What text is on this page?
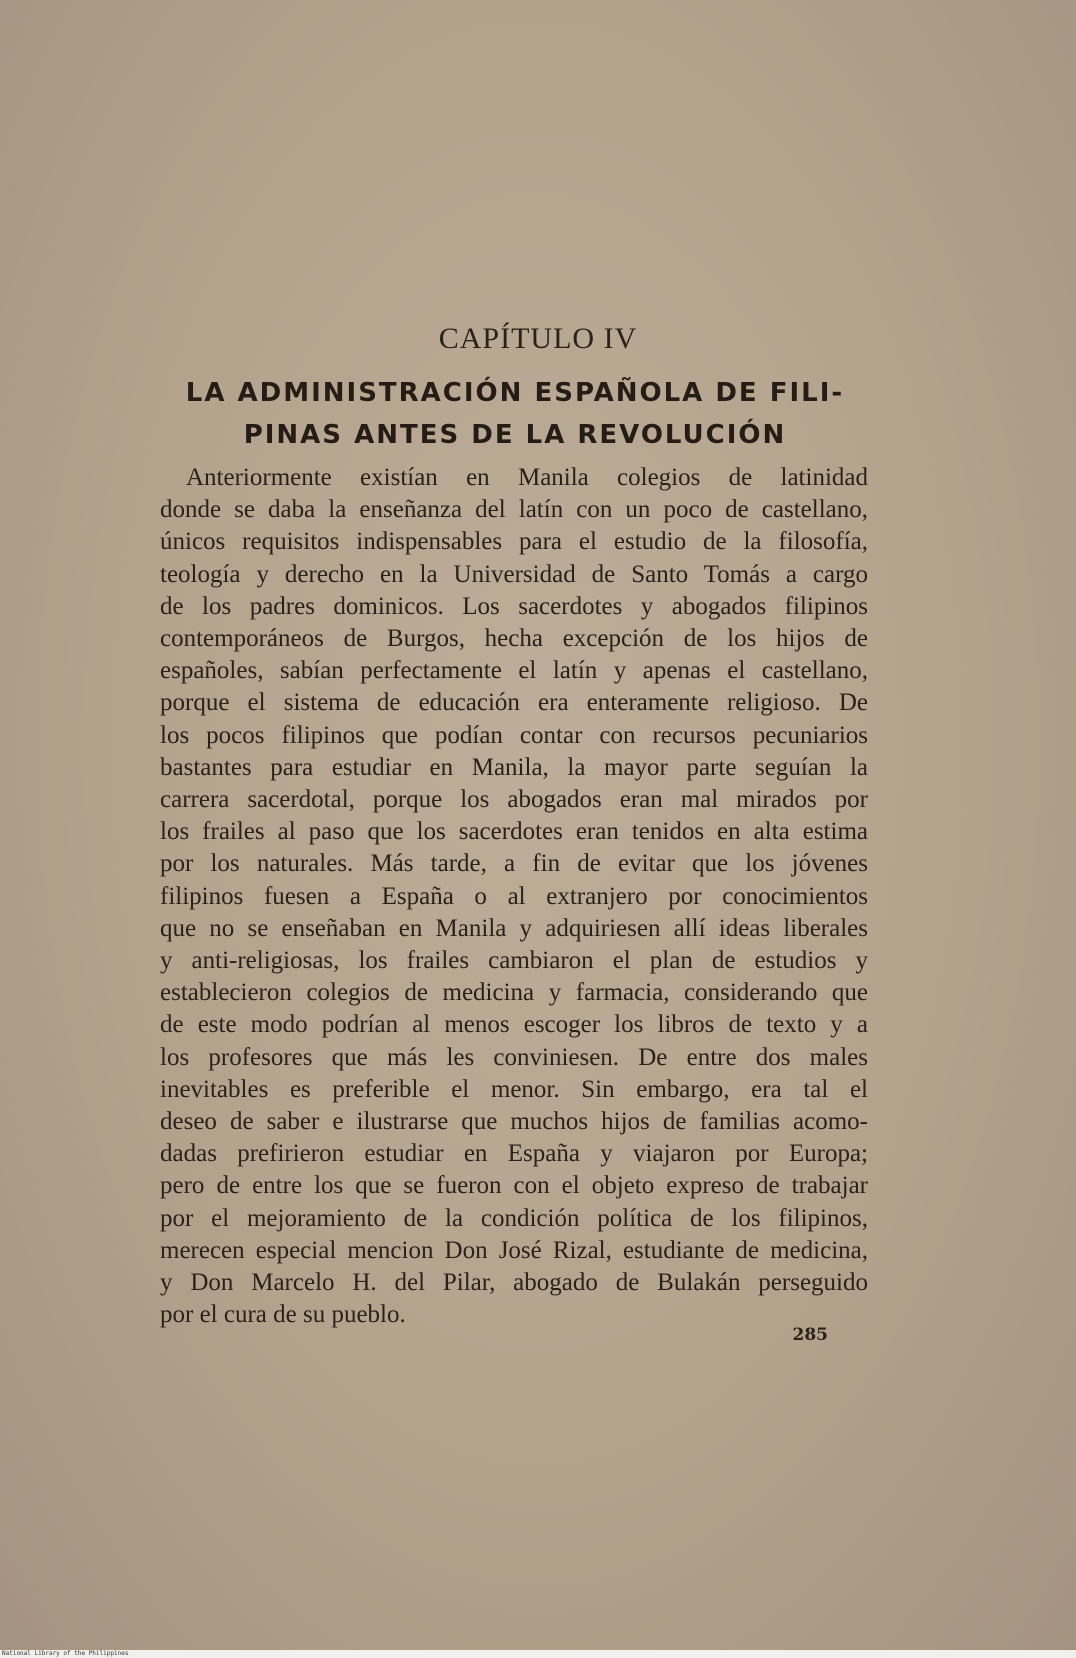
CAPÍTULO IV
LA ADMINISTRACIÓN ESPAÑOLA DE FILI-
PINAS ANTES DE LA REVOLUCIÓN
Anteriormente existían en Manila colegios de latinidad
donde se daba la enseñanza del latín con un poco de castellano,
únicos requisitos indispensables para el estudio de la filosofía,
teología y derecho en la Universidad de Santo Tomás a cargo
de los padres dominicos. Los sacerdotes y abogados filipinos
contemporáneos de Burgos, hecha excepción de los hijos de
españoles, sabían perfectamente el latín y apenas el castellano,
porque el sistema de educación era enteramente religioso. De
los pocos filipinos que podían contar con recursos pecuniarios
bastantes para estudiar en Manila, la mayor parte seguían la
carrera sacerdotal, porque los abogados eran mal mirados por
los frailes al paso que los sacerdotes eran tenidos en alta estima
por los naturales. Más tarde, a fin de evitar que los jóvenes
filipinos fuesen a España o al extranjero por conocimientos
que no se enseñaban en Manila y adquiriesen allí ideas liberales
y anti-religiosas, los frailes cambiaron el plan de estudios y
establecieron colegios de medicina y farmacia, considerando que
de este modo podrían al menos escoger los libros de texto y a
los profesores que más les conviniesen. De entre dos males
inevitables es preferible el menor. Sin embargo, era tal el
deseo de saber e ilustrarse que muchos hijos de familias acomo-
dadas prefirieron estudiar en España y viajaron por Europa;
pero de entre los que se fueron con el objeto expreso de trabajar
por el mejoramiento de la condición política de los filipinos,
merecen especial mencion Don José Rizal, estudiante de medicina,
y Don Marcelo H. del Pilar, abogado de Bulakán perseguido
por el cura de su pueblo.
285
National Library of the Philippines
